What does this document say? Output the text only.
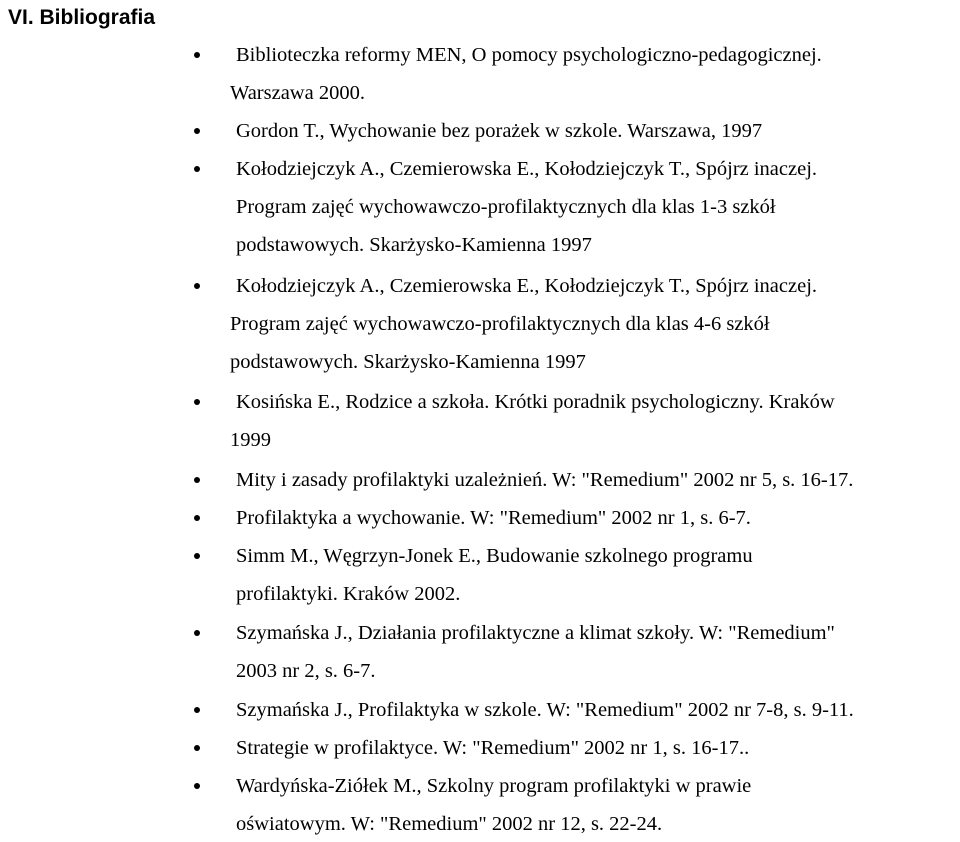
VI. Bibliografia
Biblioteczka reformy MEN, O pomocy psychologiczno-pedagogicznej.
Warszawa 2000.
Gordon T., Wychowanie bez porażek w szkole. Warszawa, 1997
Kołodziejczyk A., Czemierowska E., Kołodziejczyk T., Spójrz inaczej.
Program zajęć wychowawczo-profilaktycznych dla klas 1-3 szkół
podstawowych. Skarżysko-Kamienna 1997
Kołodziejczyk A., Czemierowska E., Kołodziejczyk T., Spójrz inaczej.
Program zajęć wychowawczo-profilaktycznych dla klas 4-6 szkół
podstawowych. Skarżysko-Kamienna 1997
Kosińska E., Rodzice a szkoła. Krótki poradnik psychologiczny. Kraków
1999
Mity i zasady profilaktyki uzależnień. W: "Remedium" 2002 nr 5, s. 16-17.
Profilaktyka a wychowanie. W: "Remedium" 2002 nr 1, s. 6-7.
Simm M., Węgrzyn-Jonek E., Budowanie szkolnego programu
profilaktyki. Kraków 2002.
Szymańska J., Działania profilaktyczne a klimat szkoły. W: "Remedium"
2003 nr 2, s. 6-7.
Szymańska J., Profilaktyka w szkole. W: "Remedium" 2002 nr 7-8, s. 9-11.
Strategie w profilaktyce. W: "Remedium" 2002 nr 1, s. 16-17..
Wardyńska-Ziółek M., Szkolny program profilaktyki w prawie
oświatowym. W: "Remedium" 2002 nr 12, s. 22-24.
